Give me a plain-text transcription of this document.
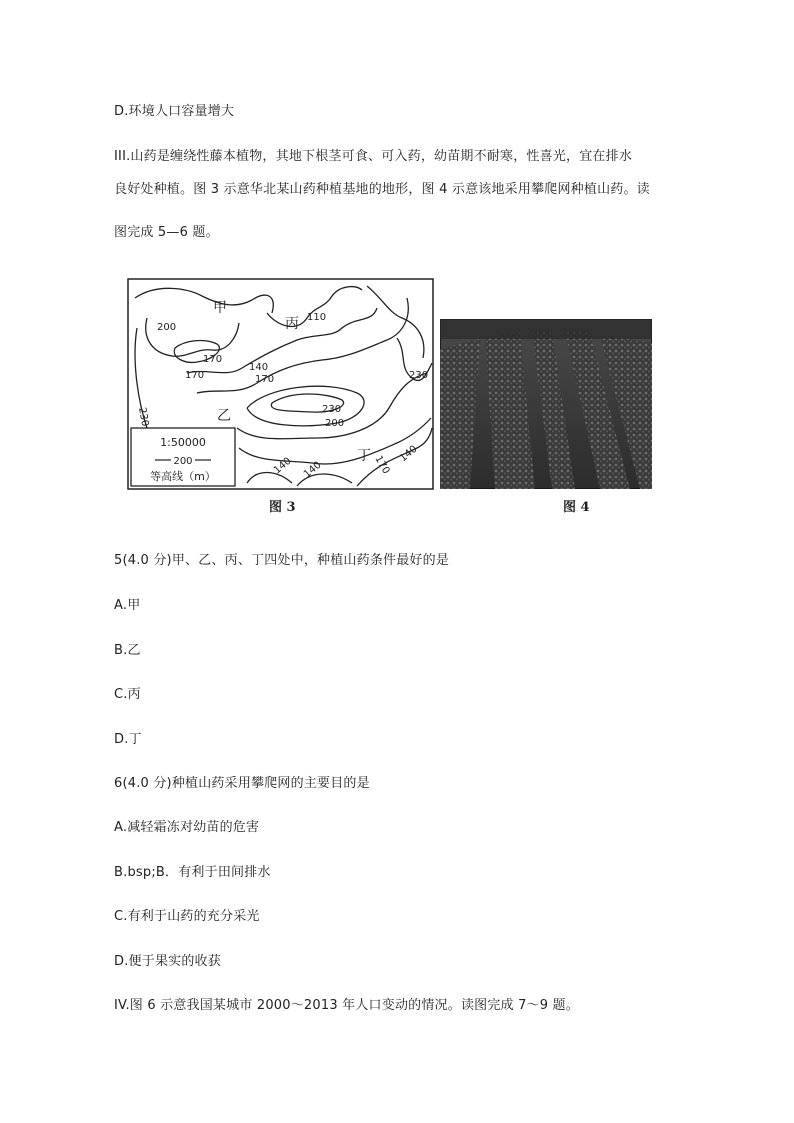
D.环境人口容量增大

III.山药是缠绕性藤本植物，其地下根茎可食、可入药，幼苗期不耐寒，性喜光，宜在排水

良好处种植。图 3 示意华北某山药种植基地的地形，图 4 示意该地采用攀爬网种植山药。读

图完成 5—6 题。

1:50000
200
等高线（m）
甲
乙
丙
丁
200
170
170
140
170
110
230	230
230
200
170
140 140
140
图 3	图 4

5(4.0 分)甲、乙、丙、丁四处中，种植山药条件最好的是

A.甲

B.乙

C.丙

D.丁

6(4.0 分)种植山药采用攀爬网的主要目的是

A.减轻霜冻对幼苗的危害

B.bsp;B．有利于田间排水

C.有利于山药的充分采光

D.便于果实的收获

IV.图 6 示意我国某城市 2000～2013 年人口变动的情况。读图完成 7～9 题。
